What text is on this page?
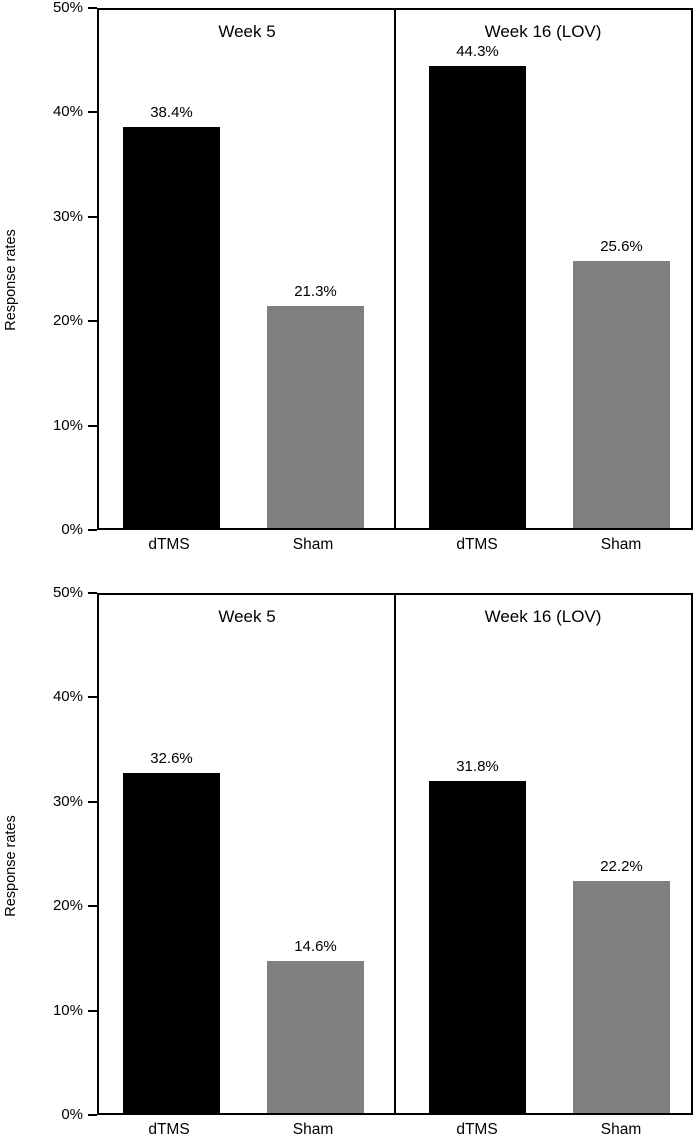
Response rates
0%
10%
20%
30%
40%
50%
Week 5
38.4%
21.3%
Week 16 (LOV)
44.3%
25.6%
dTMS	Sham	dTMS	Sham
Response rates
0%
10%
20%
30%
40%
50%
Week 5
32.6%
14.6%
Week 16 (LOV)
31.8%
22.2%
dTMS	Sham	dTMS	Sham
